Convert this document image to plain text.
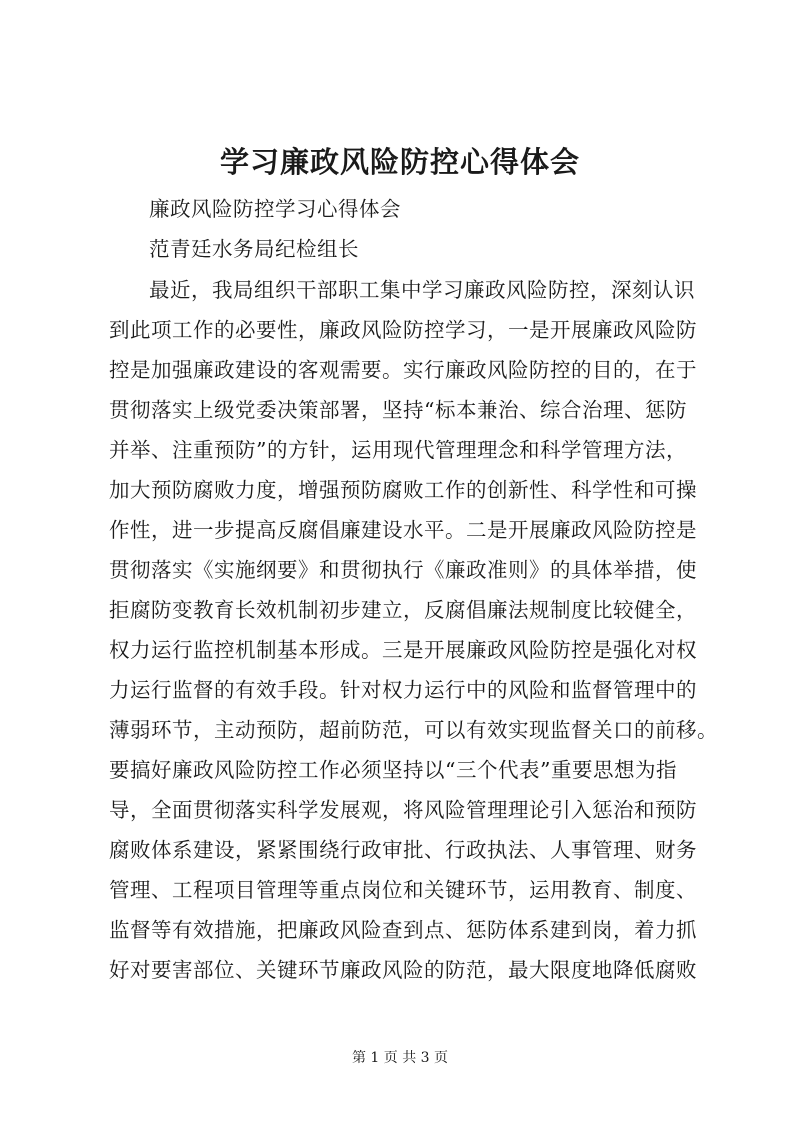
学习廉政风险防控心得体会
廉政风险防控学习心得体会
范青廷水务局纪检组长
最近，我局组织干部职工集中学习廉政风险防控，深刻认识
到此项工作的必要性，廉政风险防控学习，一是开展廉政风险防
控是加强廉政建设的客观需要。实行廉政风险防控的目的，在于
贯彻落实上级党委决策部署，坚持“标本兼治、综合治理、惩防
并举、注重预防”的方针，运用现代管理理念和科学管理方法，
加大预防腐败力度，增强预防腐败工作的创新性、科学性和可操
作性，进一步提高反腐倡廉建设水平。二是开展廉政风险防控是
贯彻落实《实施纲要》和贯彻执行《廉政准则》的具体举措，使
拒腐防变教育长效机制初步建立，反腐倡廉法规制度比较健全，
权力运行监控机制基本形成。三是开展廉政风险防控是强化对权
力运行监督的有效手段。针对权力运行中的风险和监督管理中的
薄弱环节，主动预防，超前防范，可以有效实现监督关口的前移。
要搞好廉政风险防控工作必须坚持以“三个代表”重要思想为指
导，全面贯彻落实科学发展观，将风险管理理论引入惩治和预防
腐败体系建设，紧紧围绕行政审批、行政执法、人事管理、财务
管理、工程项目管理等重点岗位和关键环节，运用教育、制度、
监督等有效措施，把廉政风险查到点、惩防体系建到岗，着力抓
好对要害部位、关键环节廉政风险的防范，最大限度地降低腐败
第 1 页 共 3 页
